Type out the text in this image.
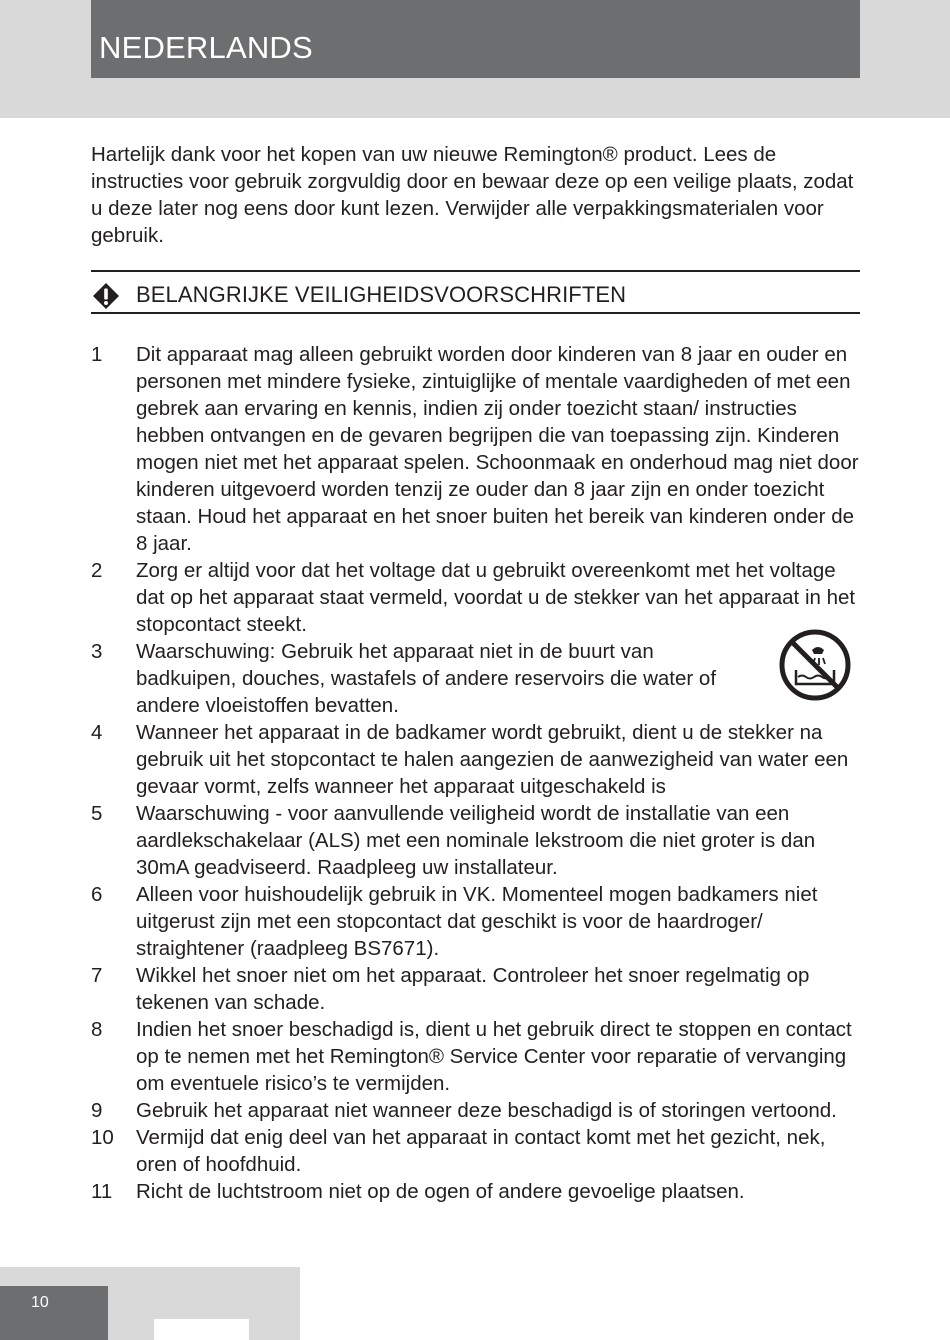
NEDERLANDS

Hartelijk dank voor het kopen van uw nieuwe Remington® product. Lees de instructies voor gebruik zorgvuldig door en bewaar deze op een veilige plaats, zodat u deze later nog eens door kunt lezen. Verwijder alle verpakkingsmaterialen voor gebruik.

BELANGRIJKE VEILIGHEIDSVOORSCHRIFTEN
1	Dit apparaat mag alleen gebruikt worden door kinderen van 8 jaar en ouder en personen met mindere fysieke, zintuiglijke of mentale vaardigheden of met een gebrek aan ervaring en kennis, indien zij onder toezicht staan/ instructies hebben ontvangen en de gevaren begrijpen die van toepassing zijn. Kinderen mogen niet met het apparaat spelen. Schoonmaak en onderhoud mag niet door kinderen uitgevoerd worden tenzij ze ouder dan 8 jaar zijn en onder toezicht staan. Houd het apparaat en het snoer buiten het bereik van kinderen onder de 8 jaar.
2	Zorg er altijd voor dat het voltage dat u gebruikt overeenkomt met het voltage dat op het apparaat staat vermeld, voordat u de stekker van het apparaat in het stopcontact steekt.
3	Waarschuwing: Gebruik het apparaat niet in de buurt van badkuipen, douches, wastafels of andere reservoirs die water of andere vloeistoffen bevatten.
4	Wanneer het apparaat in de badkamer wordt gebruikt, dient u de stekker na gebruik uit het stopcontact te halen aangezien de aanwezigheid van water een gevaar vormt, zelfs wanneer het apparaat uitgeschakeld is
5	Waarschuwing - voor aanvullende veiligheid wordt de installatie van een aardlekschakelaar (ALS) met een nominale lekstroom die niet groter is dan 30mA geadviseerd. Raadpleeg uw installateur.
6	Alleen voor huishoudelijk gebruik in VK. Momenteel mogen badkamers niet uitgerust zijn met een stopcontact dat geschikt is voor de haardroger/ straightener (raadpleeg BS7671).
7	Wikkel het snoer niet om het apparaat. Controleer het snoer regelmatig op tekenen van schade.
8	Indien het snoer beschadigd is, dient u het gebruik direct te stoppen en contact op te nemen met het Remington® Service Center voor reparatie of vervanging om eventuele risico’s te vermijden.
9	Gebruik het apparaat niet wanneer deze beschadigd is of storingen vertoond.
10	Vermijd dat enig deel van het apparaat in contact komt met het gezicht, nek, oren of hoofdhuid.
11	Richt de luchtstroom niet op de ogen of andere gevoelige plaatsen.
10
